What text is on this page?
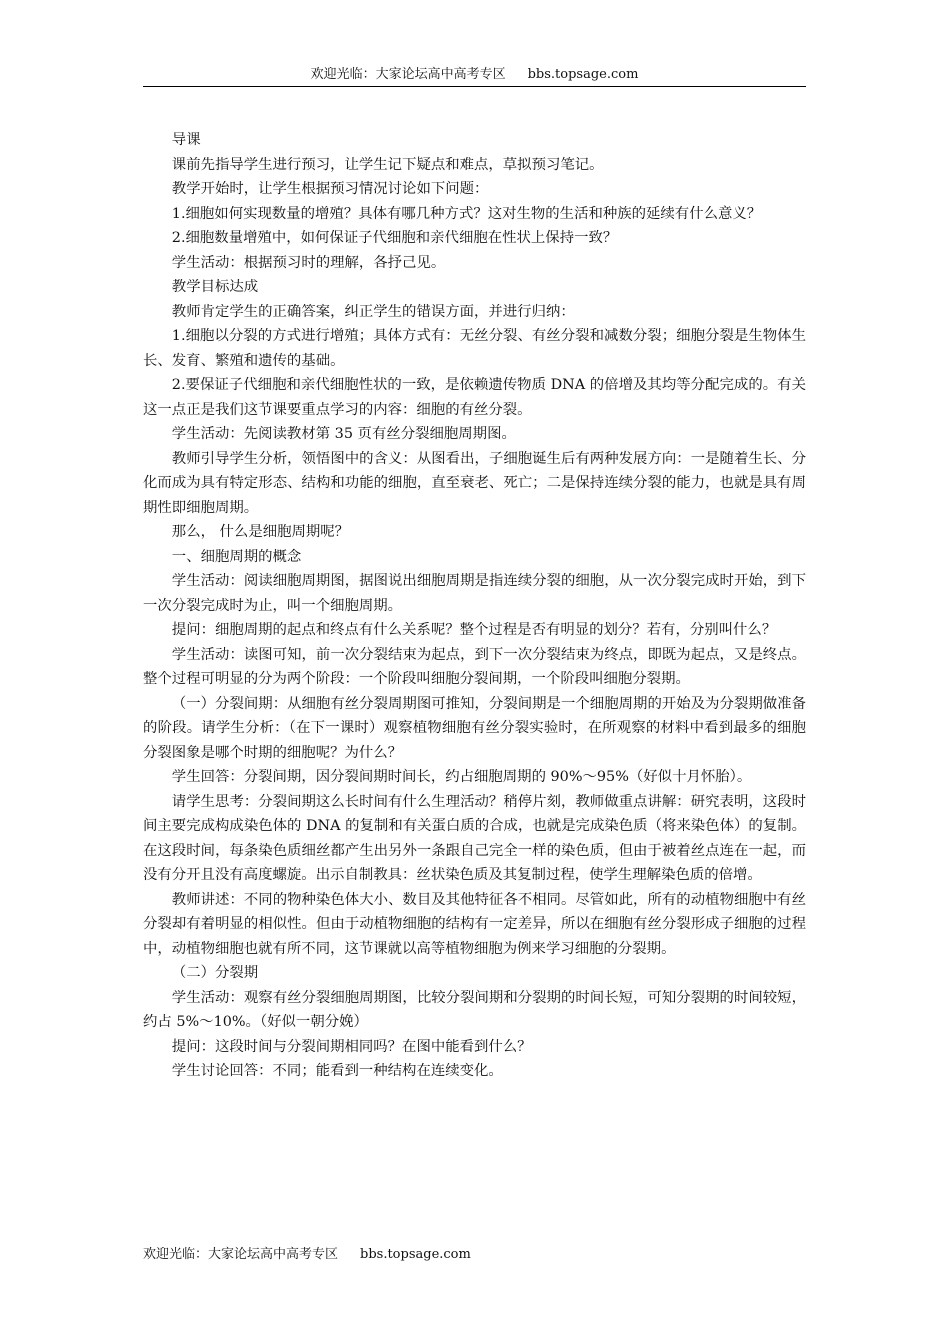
欢迎光临：大家论坛高中高考专区 bbs.topsage.com

导课

课前先指导学生进行预习，让学生记下疑点和难点，草拟预习笔记。

教学开始时，让学生根据预习情况讨论如下问题：

1.细胞如何实现数量的增殖？具体有哪几种方式？这对生物的生活和种族的延续有什么意义？

2.细胞数量增殖中，如何保证子代细胞和亲代细胞在性状上保持一致？

学生活动：根据预习时的理解，各抒己见。

教学目标达成

教师肯定学生的正确答案，纠正学生的错误方面，并进行归纳：

1.细胞以分裂的方式进行增殖；具体方式有：无丝分裂、有丝分裂和减数分裂；细胞分裂是生物体生长、发育、繁殖和遗传的基础。

2.要保证子代细胞和亲代细胞性状的一致，是依赖遗传物质 DNA 的倍增及其均等分配完成的。有关这一点正是我们这节课要重点学习的内容：细胞的有丝分裂。

学生活动：先阅读教材第 35 页有丝分裂细胞周期图。

教师引导学生分析，领悟图中的含义：从图看出，子细胞诞生后有两种发展方向：一是随着生长、分化而成为具有特定形态、结构和功能的细胞，直至衰老、死亡；二是保持连续分裂的能力，也就是具有周期性即细胞周期。

那么， 什么是细胞周期呢？

一、细胞周期的概念

学生活动：阅读细胞周期图，据图说出细胞周期是指连续分裂的细胞，从一次分裂完成时开始，到下一次分裂完成时为止，叫一个细胞周期。

提问：细胞周期的起点和终点有什么关系呢？整个过程是否有明显的划分？若有，分别叫什么？

学生活动：读图可知，前一次分裂结束为起点，到下一次分裂结束为终点，即既为起点，又是终点。整个过程可明显的分为两个阶段：一个阶段叫细胞分裂间期，一个阶段叫细胞分裂期。

（一）分裂间期：从细胞有丝分裂周期图可推知，分裂间期是一个细胞周期的开始及为分裂期做准备的阶段。请学生分析：（在下一课时）观察植物细胞有丝分裂实验时，在所观察的材料中看到最多的细胞分裂图象是哪个时期的细胞呢？为什么？

学生回答：分裂间期，因分裂间期时间长，约占细胞周期的 90%～95%（好似十月怀胎）。

请学生思考：分裂间期这么长时间有什么生理活动？稍停片刻，教师做重点讲解：研究表明，这段时间主要完成构成染色体的 DNA 的复制和有关蛋白质的合成，也就是完成染色质（将来染色体）的复制。在这段时间，每条染色质细丝都产生出另外一条跟自己完全一样的染色质，但由于被着丝点连在一起，而没有分开且没有高度螺旋。出示自制教具：丝状染色质及其复制过程，使学生理解染色质的倍增。

教师讲述：不同的物种染色体大小、数目及其他特征各不相同。尽管如此，所有的动植物细胞中有丝分裂却有着明显的相似性。但由于动植物细胞的结构有一定差异，所以在细胞有丝分裂形成子细胞的过程中，动植物细胞也就有所不同，这节课就以高等植物细胞为例来学习细胞的分裂期。

（二）分裂期

学生活动：观察有丝分裂细胞周期图，比较分裂间期和分裂期的时间长短，可知分裂期的时间较短，约占 5%～10%。（好似一朝分娩）

提问：这段时间与分裂间期相同吗？在图中能看到什么？

学生讨论回答：不同；能看到一种结构在连续变化。

欢迎光临：大家论坛高中高考专区 bbs.topsage.com
